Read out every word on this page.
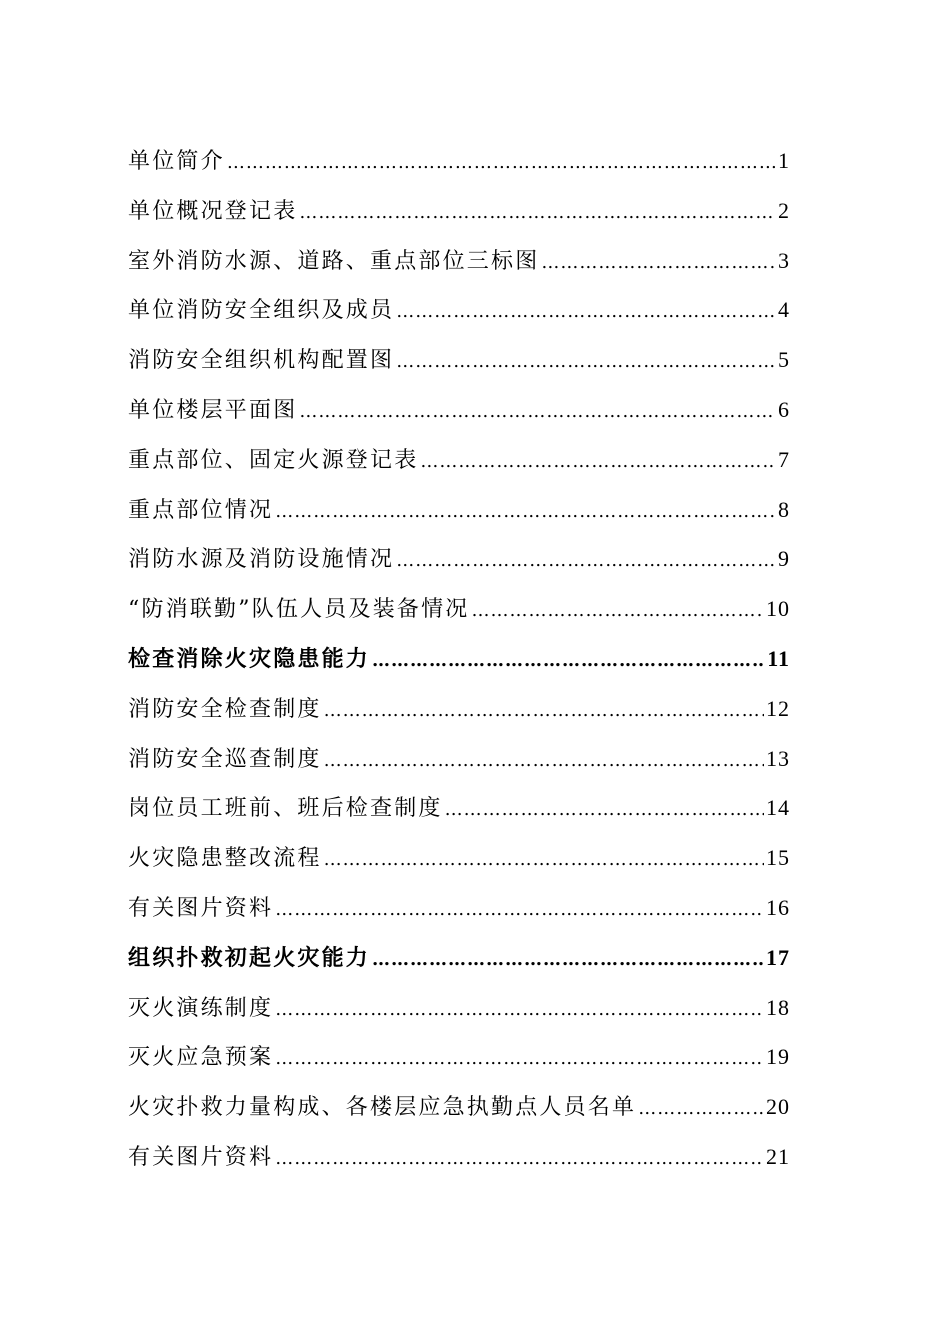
单位简介 ……………………………………………………………………………………………………………………………………………………	1
单位概况登记表 ……………………………………………………………………………………………………………………………………………………	2
室外消防水源、道路、重点部位三标图 ……………………………………………………………………………………………………………………………………………………	3
单位消防安全组织及成员 ……………………………………………………………………………………………………………………………………………………	4
消防安全组织机构配置图 ……………………………………………………………………………………………………………………………………………………	5
单位楼层平面图 ……………………………………………………………………………………………………………………………………………………	6
重点部位、固定火源登记表 ……………………………………………………………………………………………………………………………………………………	7
重点部位情况 ……………………………………………………………………………………………………………………………………………………	8
消防水源及消防设施情况 ……………………………………………………………………………………………………………………………………………………	9
“防消联勤”队伍人员及装备情况 ……………………………………………………………………………………………………………………………………………………	10
检查消除火灾隐患能力 ……………………………………………………………………………………………………………………………………………………	11
消防安全检查制度 ……………………………………………………………………………………………………………………………………………………	12
消防安全巡查制度 ……………………………………………………………………………………………………………………………………………………	13
岗位员工班前、班后检查制度 ……………………………………………………………………………………………………………………………………………………	14
火灾隐患整改流程 ……………………………………………………………………………………………………………………………………………………	15
有关图片资料 ……………………………………………………………………………………………………………………………………………………	16
组织扑救初起火灾能力 ……………………………………………………………………………………………………………………………………………………	17
灭火演练制度 ……………………………………………………………………………………………………………………………………………………	18
灭火应急预案 ……………………………………………………………………………………………………………………………………………………	19
火灾扑救力量构成、各楼层应急执勤点人员名单 ……………………………………………………………………………………………………………………………………………………	20
有关图片资料 ……………………………………………………………………………………………………………………………………………………	21
